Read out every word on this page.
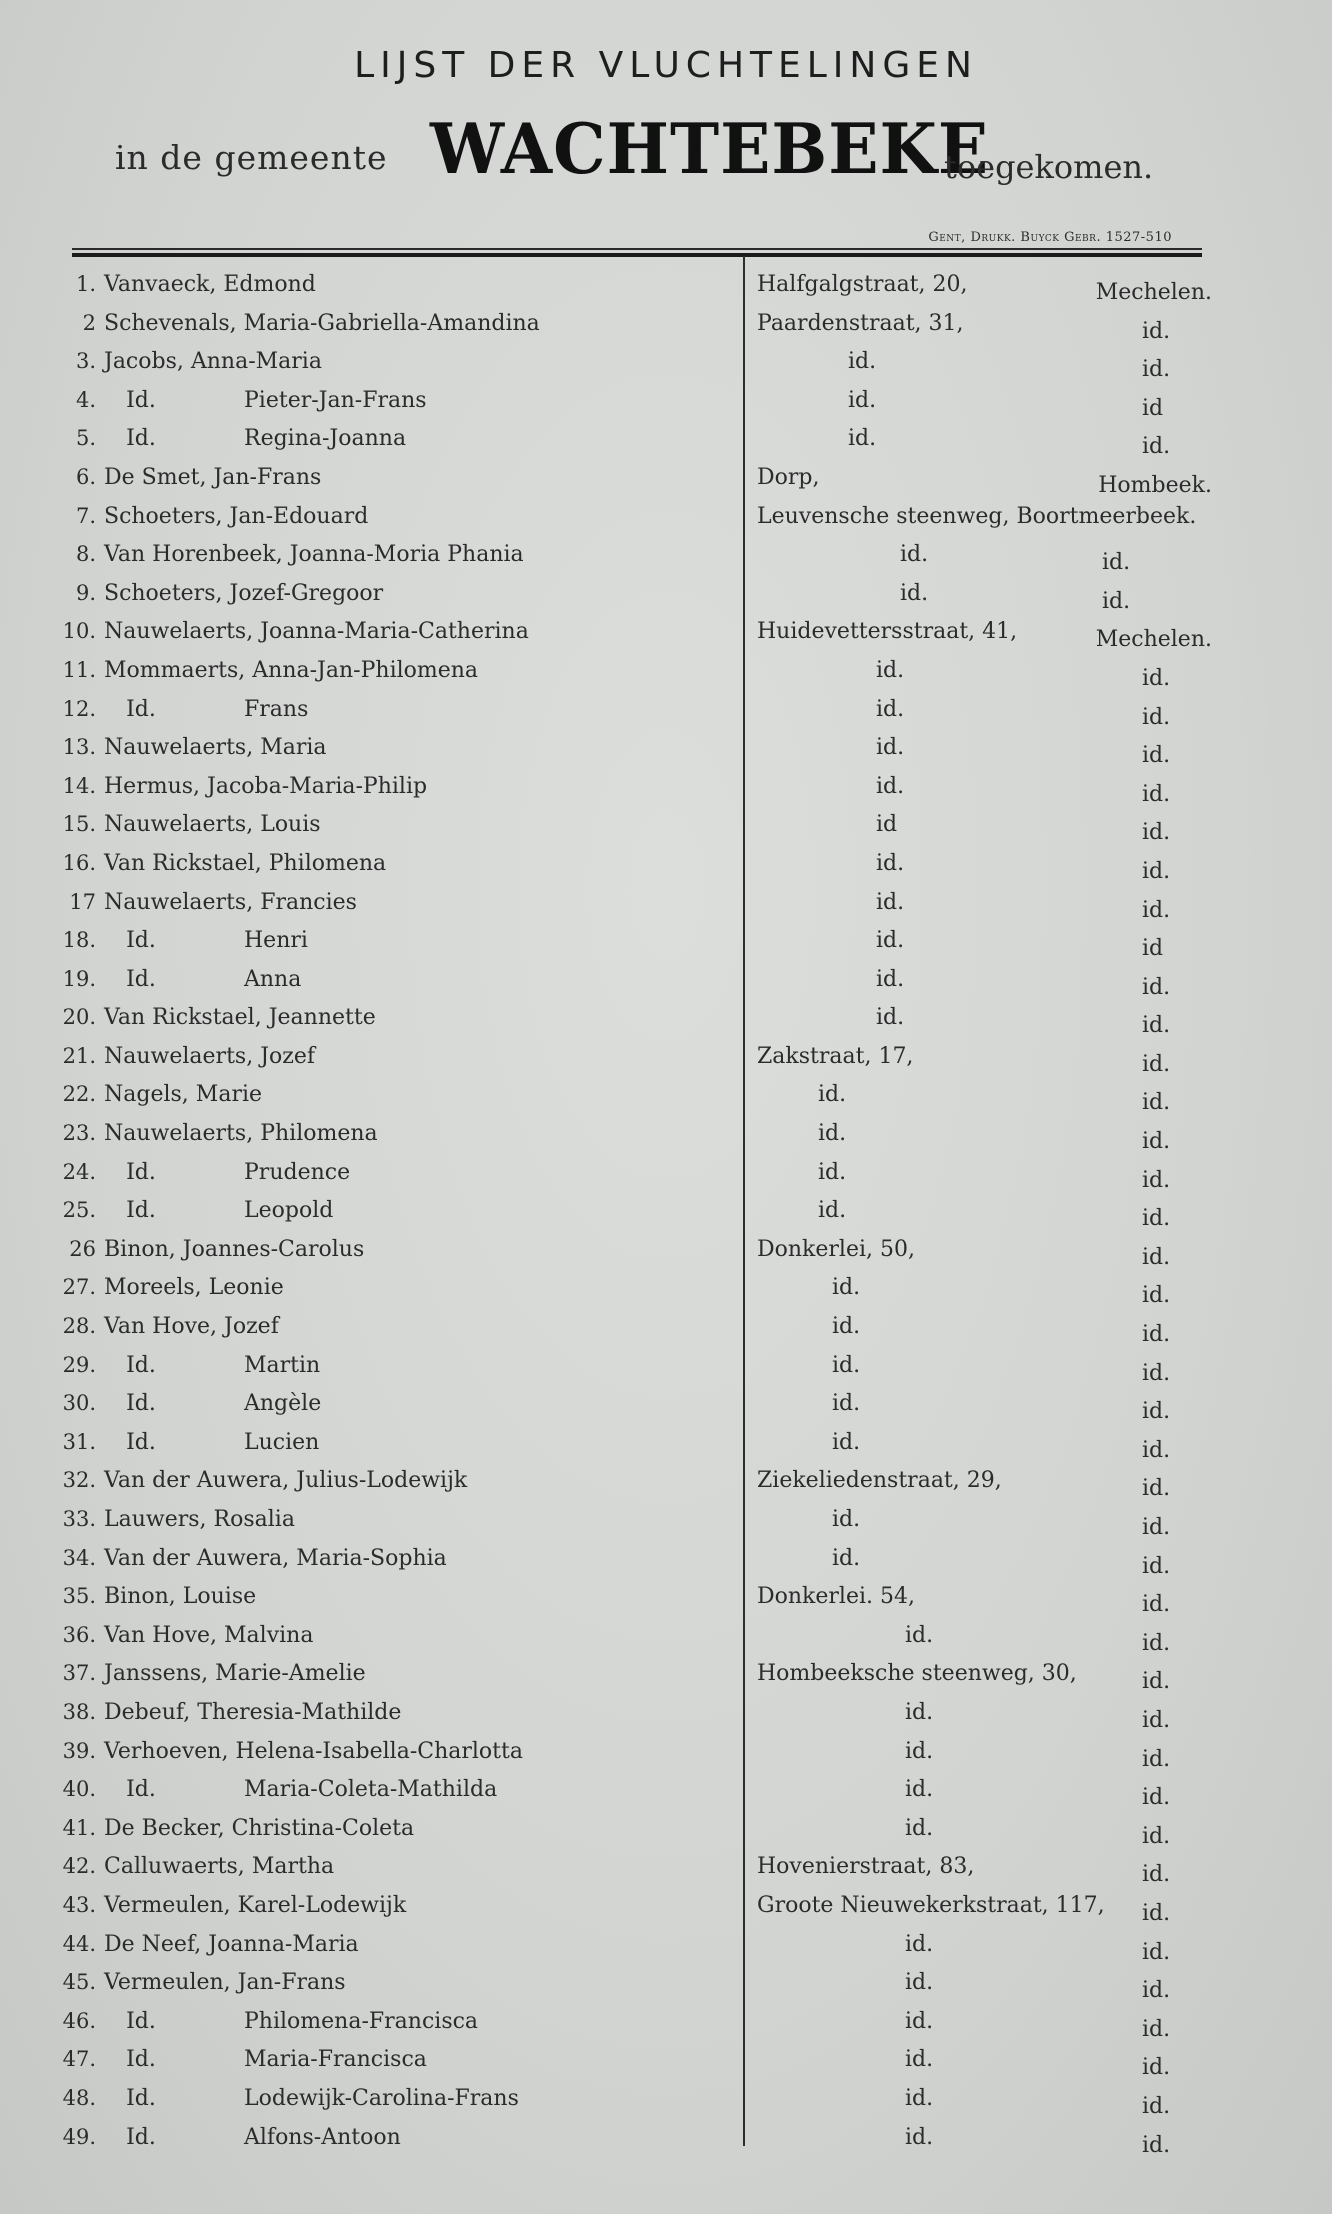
LIJST DER VLUCHTELINGEN
in de gemeente WACHTEBEKE
toegekomen.
Gent, Drukk. Buyck Gebr. 1527-510
1. Vanvaeck, Edmond	Halfgalgstraat, 20,	Mechelen.
2 Schevenals, Maria-Gabriella-Amandina	Paardenstraat, 31,	id.
3. Jacobs, Anna-Maria	id.	id.
4.	Id.	Pieter-Jan-Frans	id.	id
5.	Id.	Regina-Joanna	id.	id.
6. De Smet, Jan-Frans	Dorp,	Hombeek.
7. Schoeters, Jan-Edouard	Leuvensche steenweg, Boortmeerbeek.
8. Van Horenbeek, Joanna-Moria Phania	id.	id.
9. Schoeters, Jozef-Gregoor	id.	id.
10. Nauwelaerts, Joanna-Maria-Catherina	Huidevettersstraat, 41,	Mechelen.
11. Mommaerts, Anna-Jan-Philomena	id.	id.
12.	Id.	Frans	id.	id.
13. Nauwelaerts, Maria	id.	id.
14. Hermus, Jacoba-Maria-Philip	id.	id.
15. Nauwelaerts, Louis	id	id.
16. Van Rickstael, Philomena	id.	id.
17 Nauwelaerts, Francies	id.	id.
18.	Id.	Henri	id.	id
19.	Id.	Anna	id.	id.
20. Van Rickstael, Jeannette	id.	id.
21. Nauwelaerts, Jozef	Zakstraat, 17,	id.
22. Nagels, Marie	id.	id.
23. Nauwelaerts, Philomena	id.	id.
24.	Id.	Prudence	id.	id.
25.	Id.	Leopold	id.	id.
26 Binon, Joannes-Carolus	Donkerlei, 50,	id.
27. Moreels, Leonie	id.	id.
28. Van Hove, Jozef	id.	id.
29.	Id.	Martin	id.	id.
30.	Id.	Angèle	id.	id.
31.	Id.	Lucien	id.	id.
32. Van der Auwera, Julius-Lodewijk	Ziekeliedenstraat, 29,	id.
33. Lauwers, Rosalia	id.	id.
34. Van der Auwera, Maria-Sophia	id.	id.
35. Binon, Louise	Donkerlei. 54,	id.
36. Van Hove, Malvina	id.	id.
37. Janssens, Marie-Amelie	Hombeeksche steenweg, 30,	id.
38. Debeuf, Theresia-Mathilde	id.	id.
39. Verhoeven, Helena-Isabella-Charlotta	id.	id.
40.	Id.	Maria-Coleta-Mathilda	id.	id.
41. De Becker, Christina-Coleta	id.	id.
42. Calluwaerts, Martha	Hovenierstraat, 83,	id.
43. Vermeulen, Karel-Lodewijk	Groote Nieuwekerkstraat, 117, id.
44. De Neef, Joanna-Maria	id.	id.
45. Vermeulen, Jan-Frans	id.	id.
46.	Id.	Philomena-Francisca	id.	id.
47.	Id.	Maria-Francisca	id.	id.
48.	Id.	Lodewijk-Carolina-Frans	id.	id.
49.	Id.	Alfons-Antoon	id.	id.
